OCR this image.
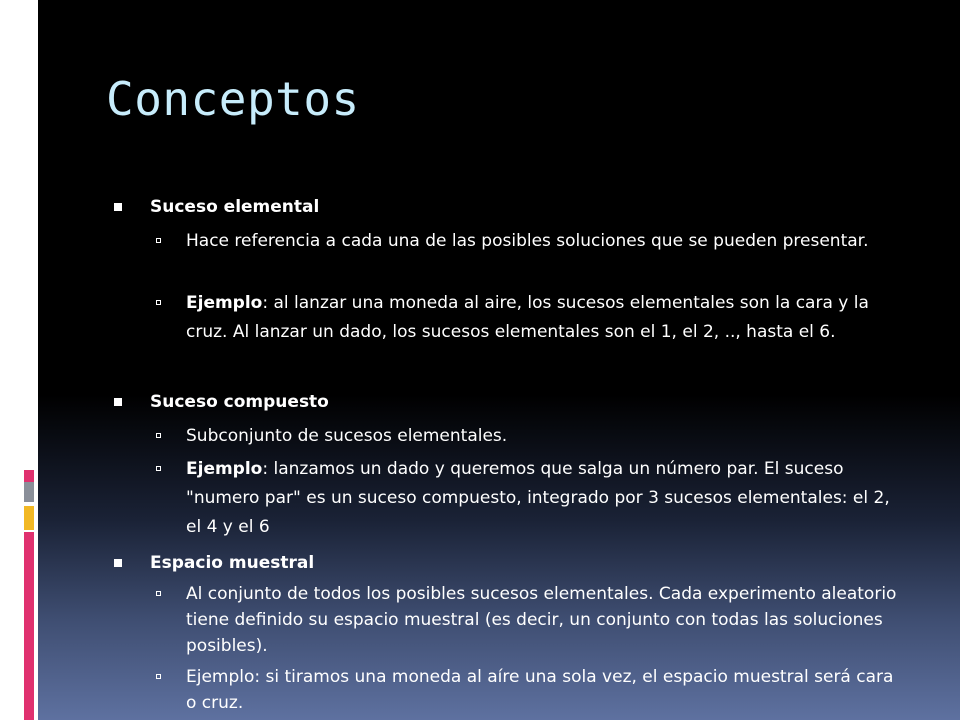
Conceptos
Suceso elemental
Hace referencia a cada una de las posibles soluciones que se pueden presentar.
Ejemplo: al lanzar una moneda al aire, los sucesos elementales son la cara y la cruz. Al lanzar un dado, los sucesos elementales son el 1, el 2, .., hasta el 6.
Suceso compuesto
Subconjunto de sucesos elementales.
Ejemplo: lanzamos un dado y queremos que salga un número par. El suceso "numero par" es un suceso compuesto, integrado por 3 sucesos elementales: el 2, el 4 y el 6
Espacio muestral
Al conjunto de todos los posibles sucesos elementales. Cada experimento aleatorio tiene definido su espacio muestral (es decir, un conjunto con todas las soluciones posibles).
Ejemplo: si tiramos una moneda al aíre una sola vez, el espacio muestral será cara o cruz.
